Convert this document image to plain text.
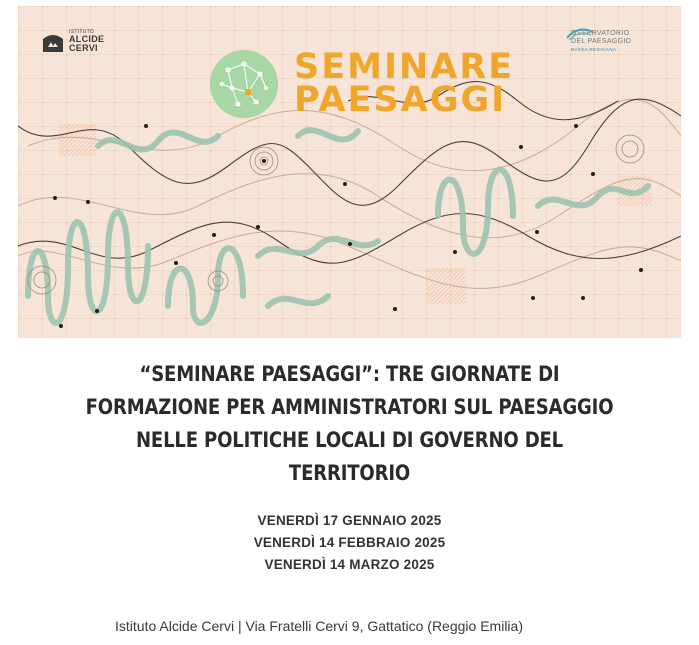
ISTITUTO
ALCIDE
CERVI
OSSERVATORIO
DEL PAESAGGIO
BASSA REGGIANA
SEMINARE
PAESAGGI
“SEMINARE PAESAGGI”: TRE GIORNATE DI FORMAZIONE PER AMMINISTRATORI SUL PAESAGGIO NELLE POLITICHE LOCALI DI GOVERNO DEL TERRITORIO
VENERDÌ 17 GENNAIO 2025
VENERDÌ 14 FEBBRAIO 2025
VENERDÌ 14 MARZO 2025
Istituto Alcide Cervi | Via Fratelli Cervi 9, Gattatico (Reggio Emilia)
